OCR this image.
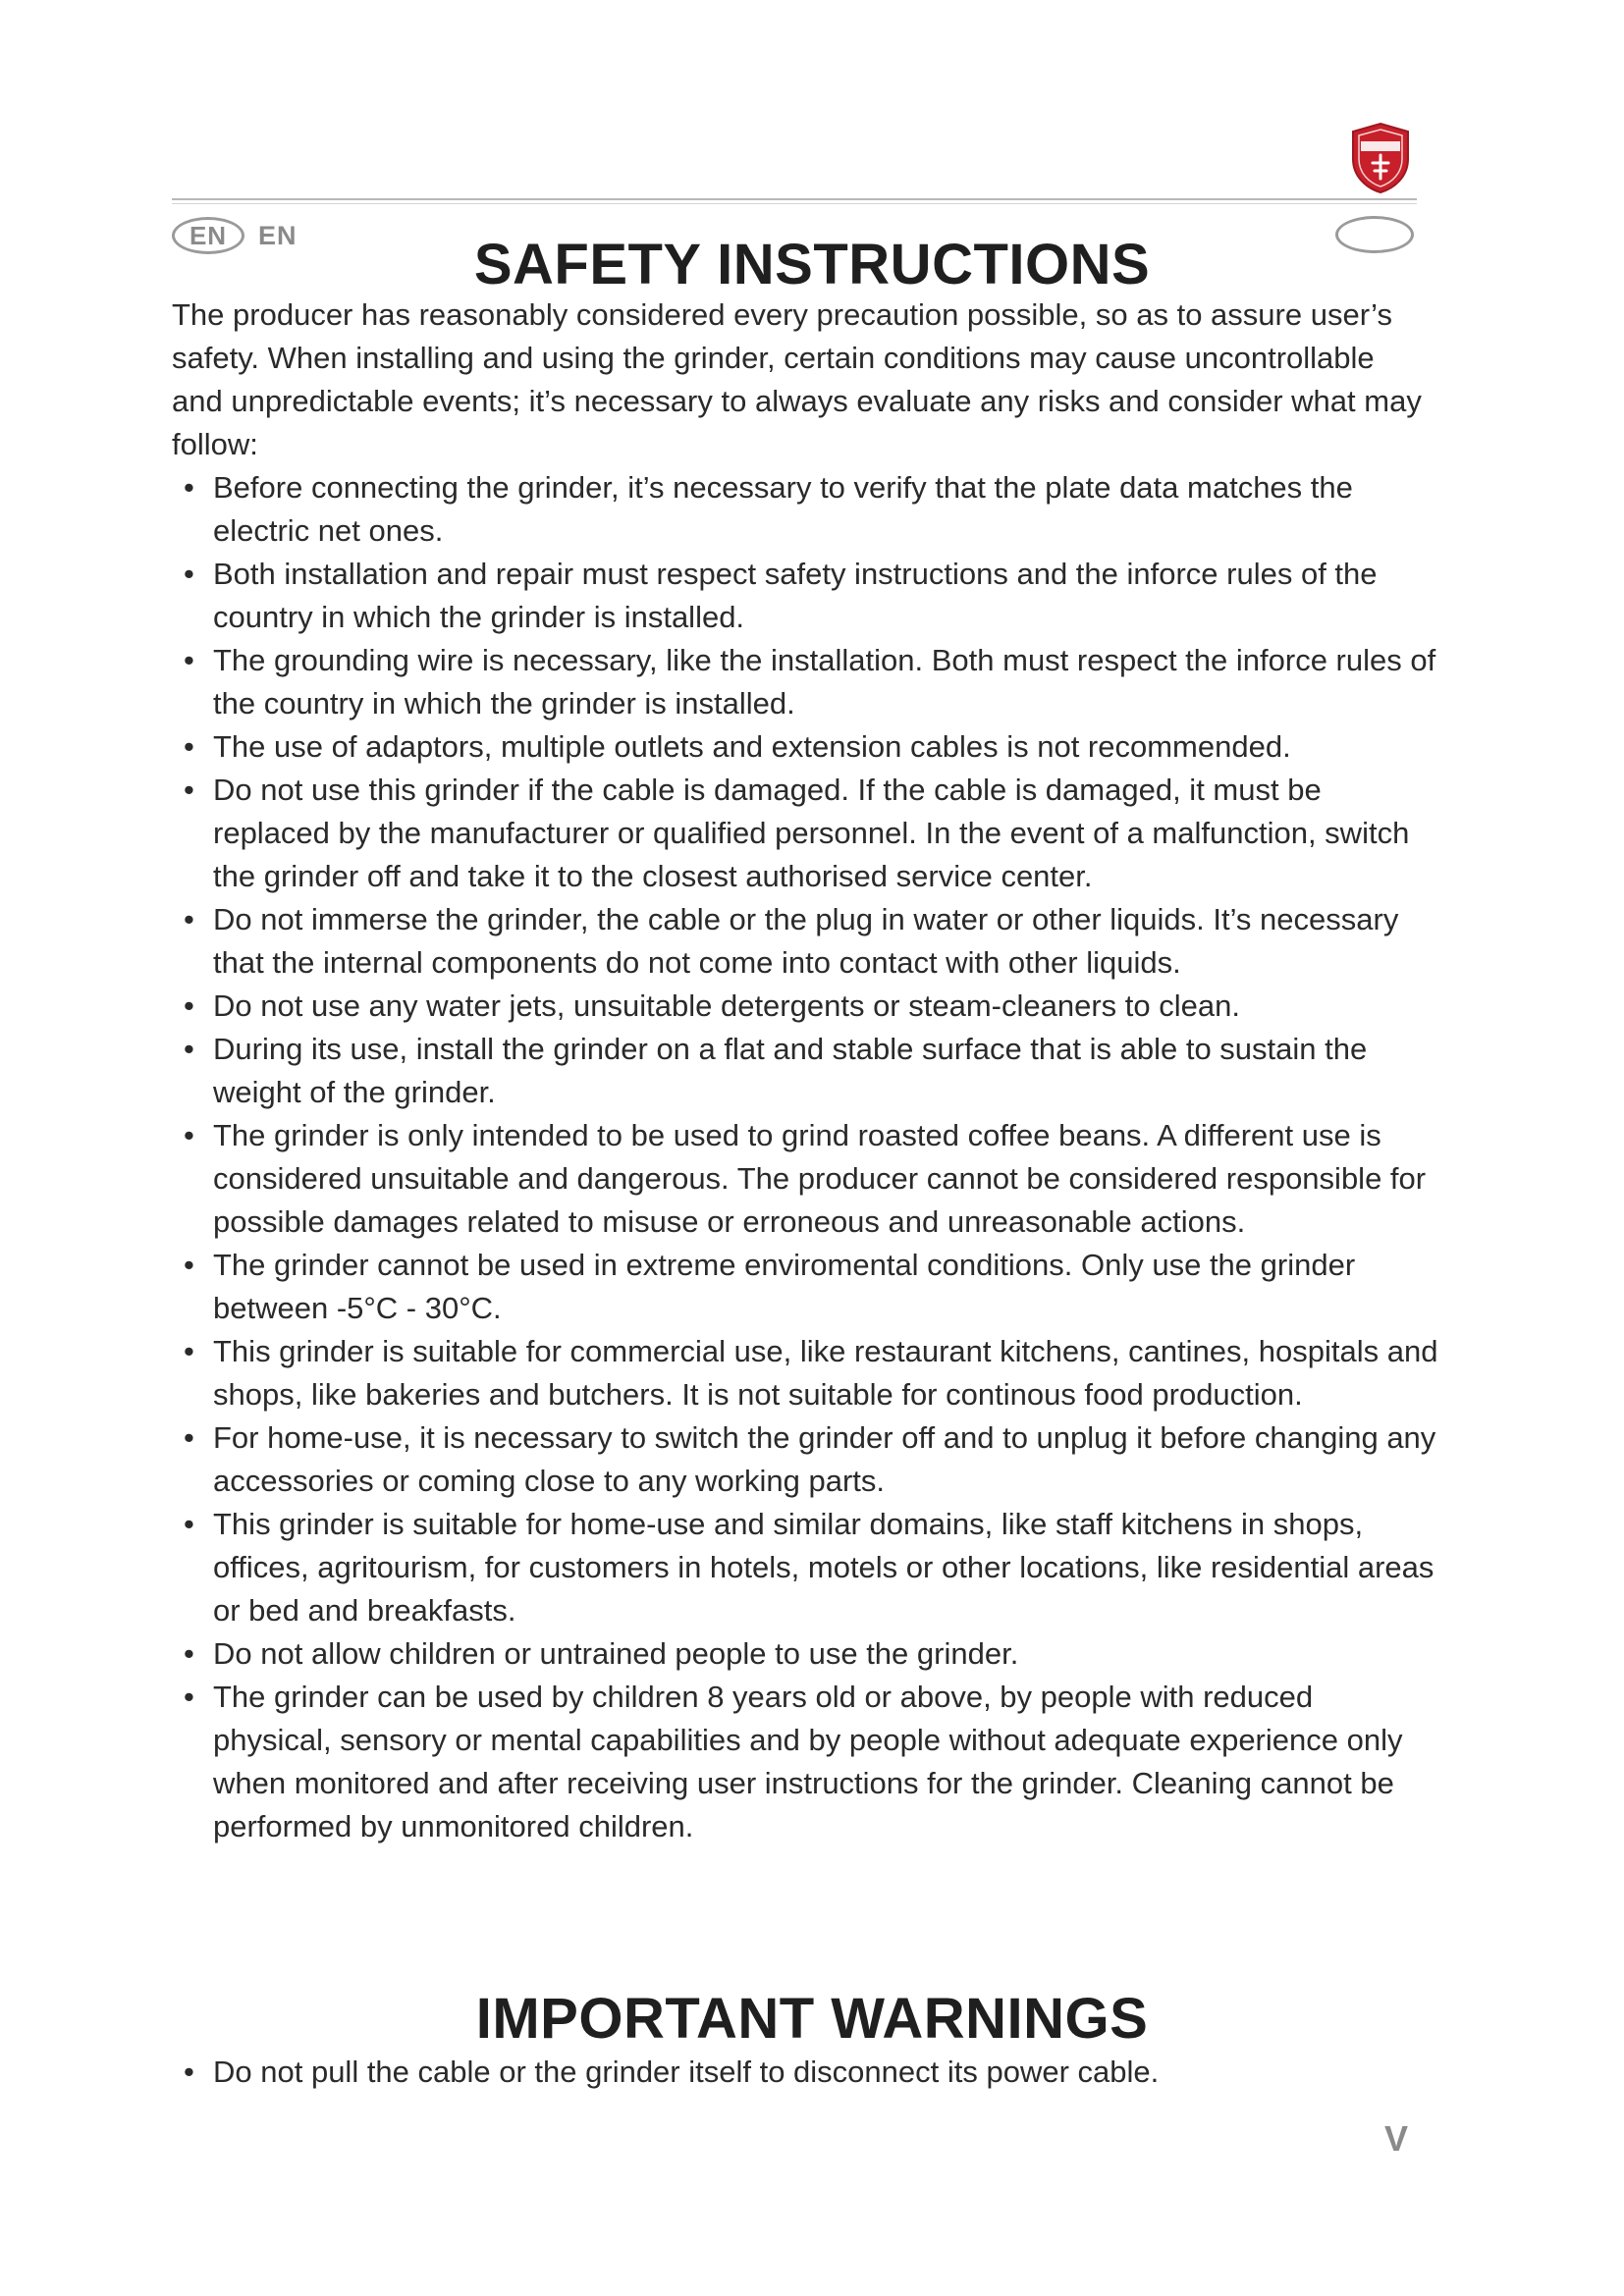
EN	EN	SAFETY INSTRUCTIONS

The producer has reasonably considered every precaution possible, so as to assure user’s safety. When installing and using the grinder, certain conditions may cause uncontrollable and unpredictable events; it’s necessary to always evaluate any risks and consider what may follow:

• Before connecting the grinder, it’s necessary to verify that the plate data matches the electric net ones.
• Both installation and repair must respect safety instructions and the inforce rules of the country in which the grinder is installed.
• The grounding wire is necessary, like the installation. Both must respect the inforce rules of the country in which the grinder is installed.
• The use of adaptors, multiple outlets and extension cables is not recommended.
• Do not use this grinder if the cable is damaged. If the cable is damaged, it must be replaced by the manufacturer or qualified personnel. In the event of a malfunction, switch the grinder off and take it to the closest authorised service center.
• Do not immerse the grinder, the cable or the plug in water or other liquids. It’s necessary that the internal components do not come into contact with other liquids.
• Do not use any water jets, unsuitable detergents or steam-cleaners to clean.
• During its use, install the grinder on a flat and stable surface that is able to sustain the weight of the grinder.
• The grinder is only intended to be used to grind roasted coffee beans. A different use is considered unsuitable and dangerous. The producer cannot be considered responsible for possible damages related to misuse or erroneous and unreasonable actions.
• The grinder cannot be used in extreme enviromental conditions. Only use the grinder between -5°C - 30°C.
• This grinder is suitable for commercial use, like restaurant kitchens, cantines, hospitals and shops, like bakeries and butchers. It is not suitable for continous food production.
• For home-use, it is necessary to switch the grinder off and to unplug it before changing any accessories or coming close to any working parts.
• This grinder is suitable for home-use and similar domains, like staff kitchens in shops, offices, agritourism, for customers in hotels, motels or other locations, like residential areas or bed and breakfasts.
• Do not allow children or untrained people to use the grinder.
• The grinder can be used by children 8 years old or above, by people with reduced physical, sensory or mental capabilities and by people without adequate experience only when monitored and after receiving user instructions for the grinder. Cleaning cannot be performed by unmonitored children.
IMPORTANT WARNINGS
• Do not pull the cable or the grinder itself to disconnect its power cable.
V
